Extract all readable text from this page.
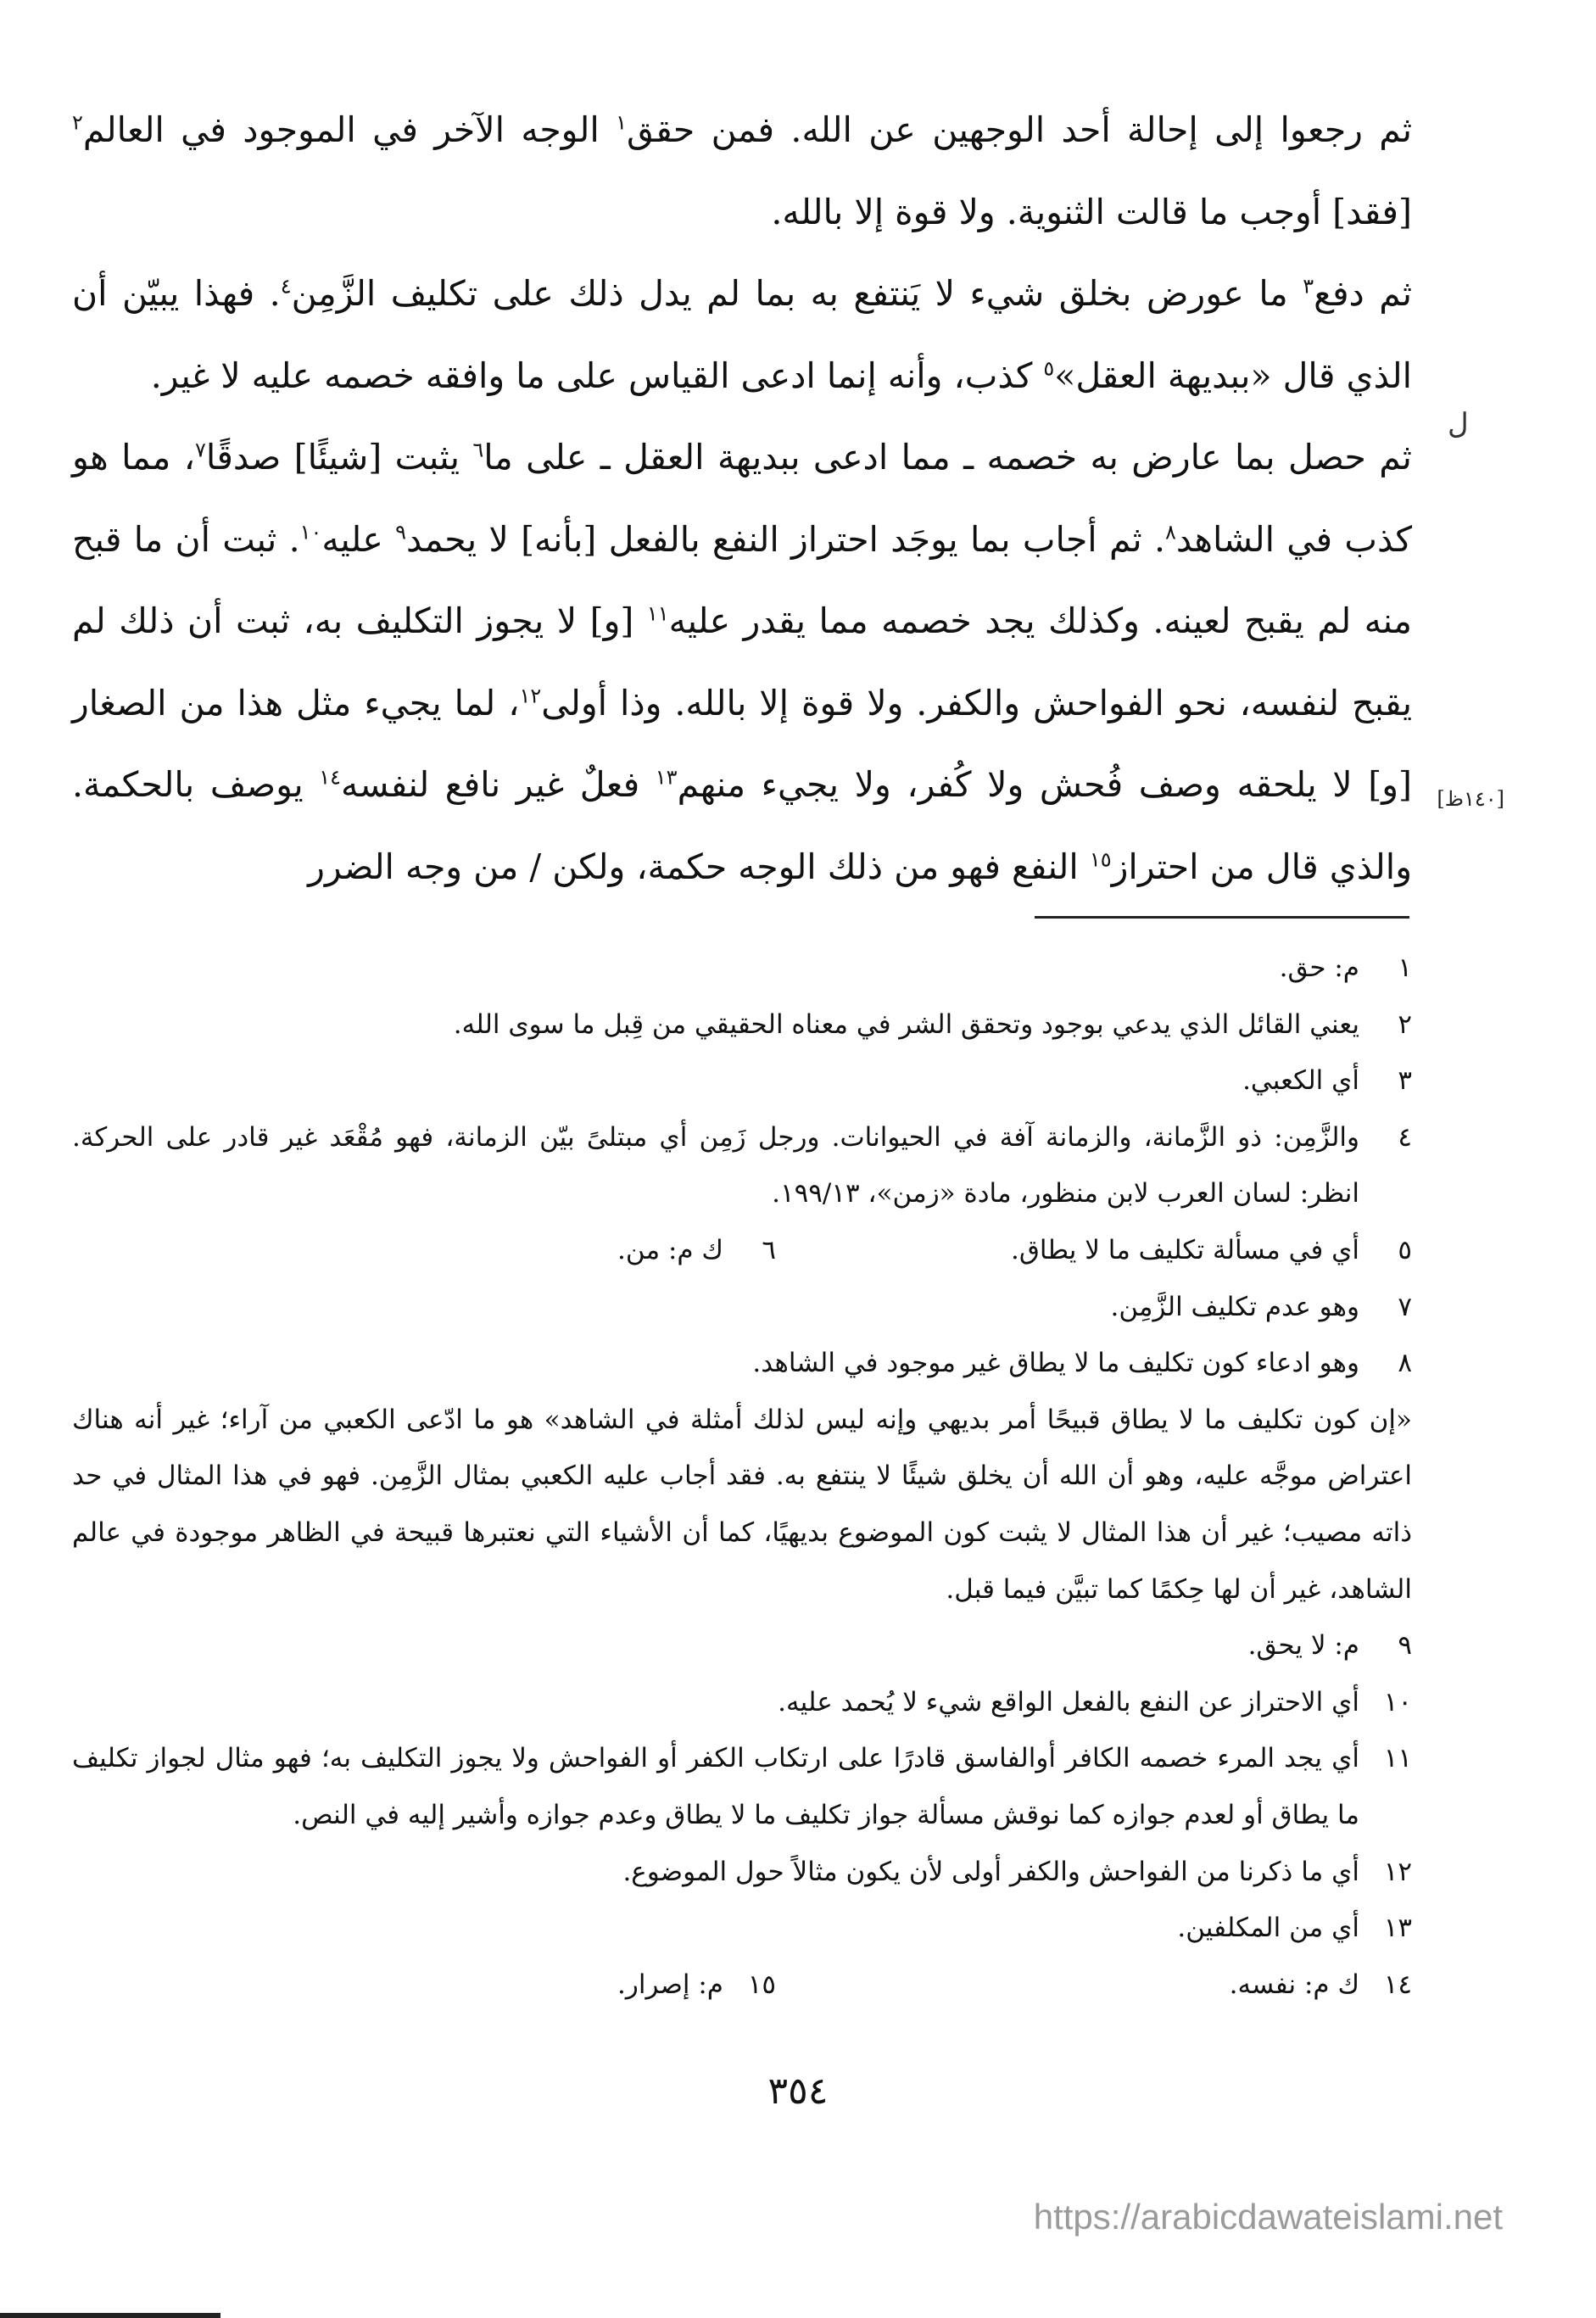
ثم رجعوا إلى إحالة أحد الوجهين عن الله. فمن حقق$^١$ الوجه الآخر في الموجود في العالم$^٢$ [فقد] أوجب ما قالت الثنوية. ولا قوة إلا بالله.

ثم دفع$^٣$ ما عورض بخلق شيء لا يَنتفع به بما لم يدل ذلك على تكليف الزَّمِن$^٤$. فهذا يبيّن أن الذي قال «ببديهة العقل»$^٥$ كذب، وأنه إنما ادعى القياس على ما وافقه خصمه عليه لا غير.

ثم حصل بما عارض به خصمه ـ مما ادعى ببديهة العقل ـ على ما$^٦$ يثبت [شيئًا] صدقًا$^٧$، مما هو كذب في الشاهد$^٨$. ثم أجاب بما يوجَد احتراز النفع بالفعل [بأنه] لا يحمد$^٩$ عليه$^{١٠}$. ثبت أن ما قبح منه لم يقبح لعينه. وكذلك يجد خصمه مما يقدر عليه$^{١١}$ [و] لا يجوز التكليف به، ثبت أن ذلك لم يقبح لنفسه، نحو الفواحش والكفر. ولا قوة إلا بالله. وذا أولى$^{١٢}$، لما يجيء مثل هذا من الصغار [و] لا يلحقه وصف فُحش ولا كُفر، ولا يجيء منهم$^{١٣}$ فعلٌ غير نافع لنفسه$^{١٤}$ يوصف بالحكمة. والذي قال من احتراز$^{١٥}$ النفع فهو من ذلك الوجه حكمة، ولكن / من وجه الضرر

ل
[١٤٠ظ]
١
م: حق.
٢
يعني القائل الذي يدعي بوجود وتحقق الشر في معناه الحقيقي من قِبل ما سوى الله.
٣
أي الكعبي.
٤
والزَّمِن: ذو الزَّمانة، والزمانة آفة في الحيوانات. ورجل زَمِن أي مبتلىً بيّن الزمانة، فهو مُقْعَد غير قادر على الحركة. انظر: لسان العرب لابن منظور، مادة «زمن»، ١٩٩/١٣.
٥
أي في مسألة تكليف ما لا يطاق.
٦
ك م: من.
٧
وهو عدم تكليف الزَّمِن.
٨
وهو ادعاء كون تكليف ما لا يطاق غير موجود في الشاهد.
«إن كون تكليف ما لا يطاق قبيحًا أمر بديهي وإنه ليس لذلك أمثلة في الشاهد» هو ما ادّعى الكعبي من آراء؛ غير أنه هناك اعتراض موجَّه عليه، وهو أن الله أن يخلق شيئًا لا ينتفع به. فقد أجاب عليه الكعبي بمثال الزَّمِن. فهو في هذا المثال في حد ذاته مصيب؛ غير أن هذا المثال لا يثبت كون الموضوع بديهيًا، كما أن الأشياء التي نعتبرها قبيحة في الظاهر موجودة في عالم الشاهد، غير أن لها حِكمًا كما تبيَّن فيما قبل.
٩
م: لا يحق.
١٠
أي الاحتراز عن النفع بالفعل الواقع شيء لا يُحمد عليه.
١١
أي يجد المرء خصمه الكافر أوالفاسق قادرًا على ارتكاب الكفر أو الفواحش ولا يجوز التكليف به؛ فهو مثال لجواز تكليف ما يطاق أو لعدم جوازه كما نوقش مسألة جواز تكليف ما لا يطاق وعدم جوازه وأشير إليه في النص.
١٢
أي ما ذكرنا من الفواحش والكفر أولى لأن يكون مثالاً حول الموضوع.
١٣
أي من المكلفين.
١٤
ك م: نفسه.
١٥
م: إصرار.
٣٥٤
https://arabicdawateislami.net
